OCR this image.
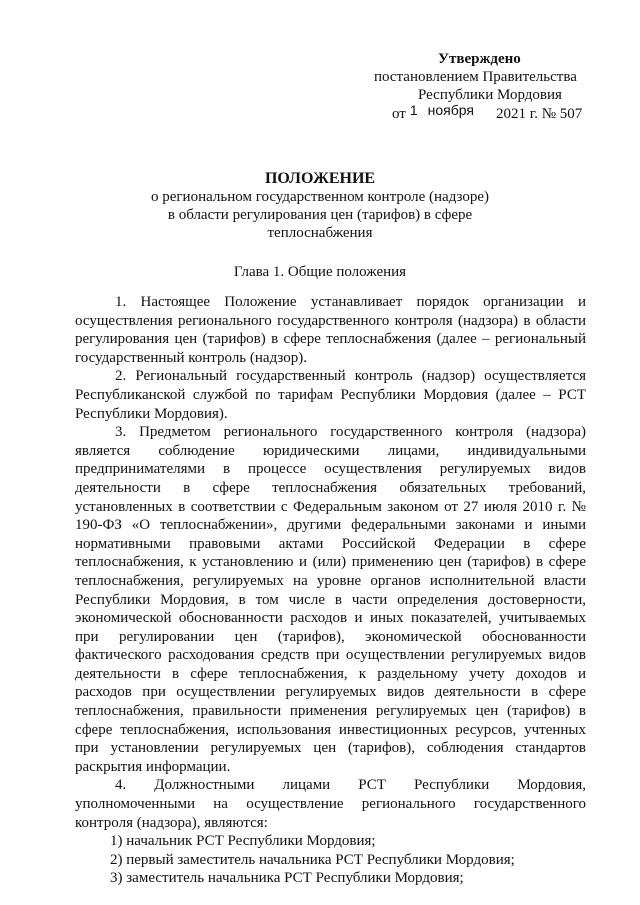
Утверждено
постановлением Правительства
Республики Мордовия
от 1 ноября 2021 г. № 507
ПОЛОЖЕНИЕ
о региональном государственном контроле (надзоре)
в области регулирования цен (тарифов) в сфере
теплоснабжения
Глава 1. Общие положения

1. Настоящее Положение устанавливает порядок организации и осуществления регионального государственного контроля (надзора) в области регулирования цен (тарифов) в сфере теплоснабжения (далее – региональный государственный контроль (надзор).

2. Региональный государственный контроль (надзор) осуществляется Республиканской службой по тарифам Республики Мордовия (далее – РСТ Республики Мордовия).

3. Предметом регионального государственного контроля (надзора) является соблюдение юридическими лицами, индивидуальными предпринимателями в процессе осуществления регулируемых видов деятельности в сфере теплоснабжения обязательных требований, установленных в соответствии с Федеральным законом от 27 июля 2010 г. № 190-ФЗ «О теплоснабжении», другими федеральными законами и иными нормативными правовыми актами Российской Федерации в сфере теплоснабжения, к установлению и (или) применению цен (тарифов) в сфере теплоснабжения, регулируемых на уровне органов исполнительной власти Республики Мордовия, в том числе в части определения достоверности, экономической обоснованности расходов и иных показателей, учитываемых при регулировании цен (тарифов), экономической обоснованности фактического расходования средств при осуществлении регулируемых видов деятельности в сфере теплоснабжения, к раздельному учету доходов и расходов при осуществлении регулируемых видов деятельности в сфере теплоснабжения, правильности применения регулируемых цен (тарифов) в сфере теплоснабжения, использования инвестиционных ресурсов, учтенных при установлении регулируемых цен (тарифов), соблюдения стандартов раскрытия информации.

4. Должностными лицами РСТ Республики Мордовия, уполномоченными на осуществление регионального государственного контроля (надзора), являются:

1) начальник РСТ Республики Мордовия;

2) первый заместитель начальника РСТ Республики Мордовия;

3) заместитель начальника РСТ Республики Мордовия;
